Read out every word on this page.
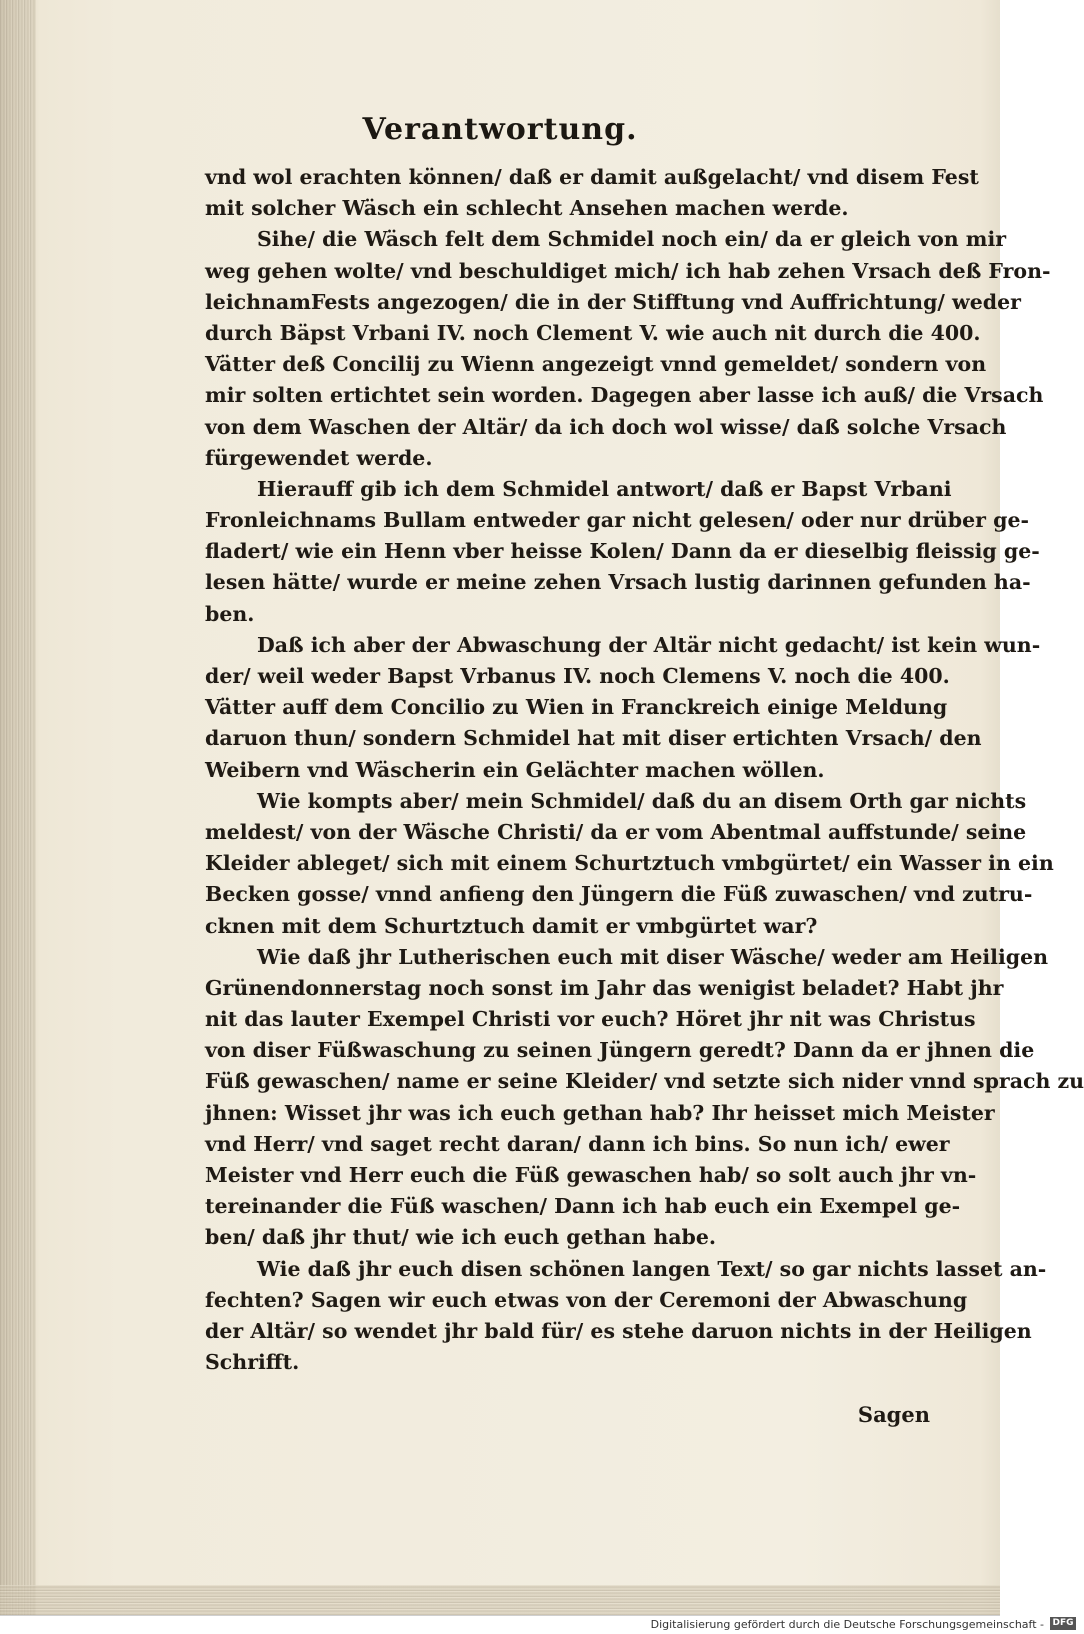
Verantwortung.
vnd wol erachten können/ daß er damit außgelacht/ vnd disem Fest
mit solcher Wäsch ein schlecht Ansehen machen werde.
Sihe/ die Wäsch felt dem Schmidel noch ein/ da er gleich von mir
weg gehen wolte/ vnd beschuldiget mich/ ich hab zehen Vrsach deß Fron-
leichnamFests angezogen/ die in der Stifftung vnd Auffrichtung/ weder
durch Bäpst Vrbani IV. noch Clement V. wie auch nit durch die 400.
Vätter deß Concilij zu Wienn angezeigt vnnd gemeldet/ sondern von
mir solten ertichtet sein worden. Dagegen aber lasse ich auß/ die Vrsach
von dem Waschen der Altär/ da ich doch wol wisse/ daß solche Vrsach
fürgewendet werde.
Hierauff gib ich dem Schmidel antwort/ daß er Bapst Vrbani
Fronleichnams Bullam entweder gar nicht gelesen/ oder nur drüber ge-
fladert/ wie ein Henn vber heisse Kolen/ Dann da er dieselbig fleissig ge-
lesen hätte/ wurde er meine zehen Vrsach lustig darinnen gefunden ha-
ben.
Daß ich aber der Abwaschung der Altär nicht gedacht/ ist kein wun-
der/ weil weder Bapst Vrbanus IV. noch Clemens V. noch die 400.
Vätter auff dem Concilio zu Wien in Franckreich einige Meldung
daruon thun/ sondern Schmidel hat mit diser ertichten Vrsach/ den
Weibern vnd Wäscherin ein Gelächter machen wöllen.
Wie kompts aber/ mein Schmidel/ daß du an disem Orth gar nichts
meldest/ von der Wäsche Christi/ da er vom Abentmal auffstunde/ seine
Kleider ableget/ sich mit einem Schurtztuch vmbgürtet/ ein Wasser in ein
Becken gosse/ vnnd anfieng den Jüngern die Füß zuwaschen/ vnd zutru-
cknen mit dem Schurtztuch damit er vmbgürtet war?
Wie daß jhr Lutherischen euch mit diser Wäsche/ weder am Heiligen
Grünendonnerstag noch sonst im Jahr das wenigist beladet? Habt jhr
nit das lauter Exempel Christi vor euch? Höret jhr nit was Christus
von diser Füßwaschung zu seinen Jüngern geredt? Dann da er jhnen die
Füß gewaschen/ name er seine Kleider/ vnd setzte sich nider vnnd sprach zu
jhnen: Wisset jhr was ich euch gethan hab? Ihr heisset mich Meister
vnd Herr/ vnd saget recht daran/ dann ich bins. So nun ich/ ewer
Meister vnd Herr euch die Füß gewaschen hab/ so solt auch jhr vn-
tereinander die Füß waschen/ Dann ich hab euch ein Exempel ge-
ben/ daß jhr thut/ wie ich euch gethan habe.
Wie daß jhr euch disen schönen langen Text/ so gar nichts lasset an-
fechten? Sagen wir euch etwas von der Ceremoni der Abwaschung
der Altär/ so wendet jhr bald für/ es stehe daruon nichts in der Heiligen
Schrifft.
Sagen
Digitalisierung gefördert durch die Deutsche Forschungsgemeinschaft - DFG
